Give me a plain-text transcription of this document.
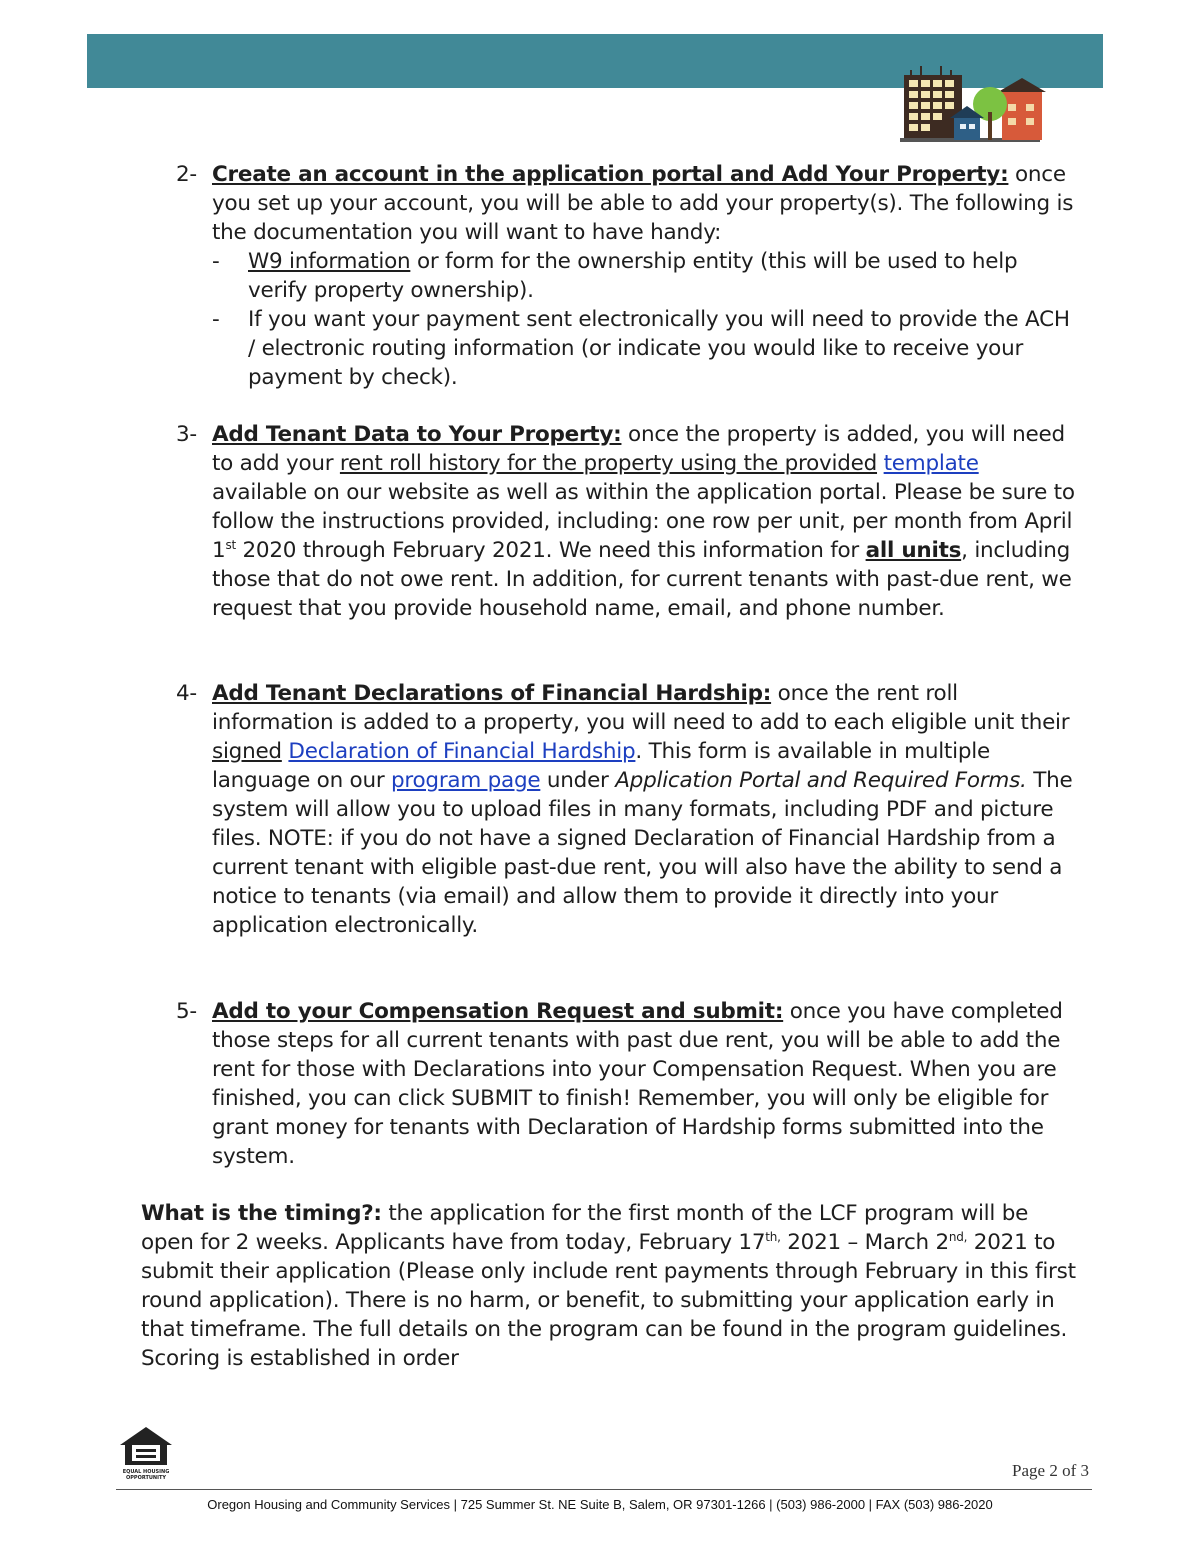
2- Create an account in the application portal and Add Your Property: once you set up your account, you will be able to add your property(s). The following is the documentation you will want to have handy:
- W9 information or form for the ownership entity (this will be used to help verify property ownership).
- If you want your payment sent electronically you will need to provide the ACH / electronic routing information (or indicate you would like to receive your payment by check).
3- Add Tenant Data to Your Property: once the property is added, you will need to add your rent roll history for the property using the provided template available on our website as well as within the application portal. Please be sure to follow the instructions provided, including: one row per unit, per month from April 1st 2020 through February 2021. We need this information for all units, including those that do not owe rent. In addition, for current tenants with past-due rent, we request that you provide household name, email, and phone number.
4- Add Tenant Declarations of Financial Hardship: once the rent roll information is added to a property, you will need to add to each eligible unit their signed Declaration of Financial Hardship. This form is available in multiple language on our program page under Application Portal and Required Forms. The system will allow you to upload files in many formats, including PDF and picture files. NOTE: if you do not have a signed Declaration of Financial Hardship from a current tenant with eligible past-due rent, you will also have the ability to send a notice to tenants (via email) and allow them to provide it directly into your application electronically.
5- Add to your Compensation Request and submit: once you have completed those steps for all current tenants with past due rent, you will be able to add the rent for those with Declarations into your Compensation Request. When you are finished, you can click SUBMIT to finish! Remember, you will only be eligible for grant money for tenants with Declaration of Hardship forms submitted into the system.
What is the timing?: the application for the first month of the LCF program will be open for 2 weeks. Applicants have from today, February $17^{th,}$ 2021 – March $2^{nd,}$ 2021 to submit their application (Please only include rent payments through February in this first round application). There is no harm, or benefit, to submitting your application early in that timeframe. The full details on the program can be found in the program guidelines. Scoring is established in order
EQUAL HOUSING
OPPORTUNITY	Page 2 of 3
Oregon Housing and Community Services | 725 Summer St. NE Suite B, Salem, OR 97301-1266 | (503) 986-2000 | FAX (503) 986-2020
